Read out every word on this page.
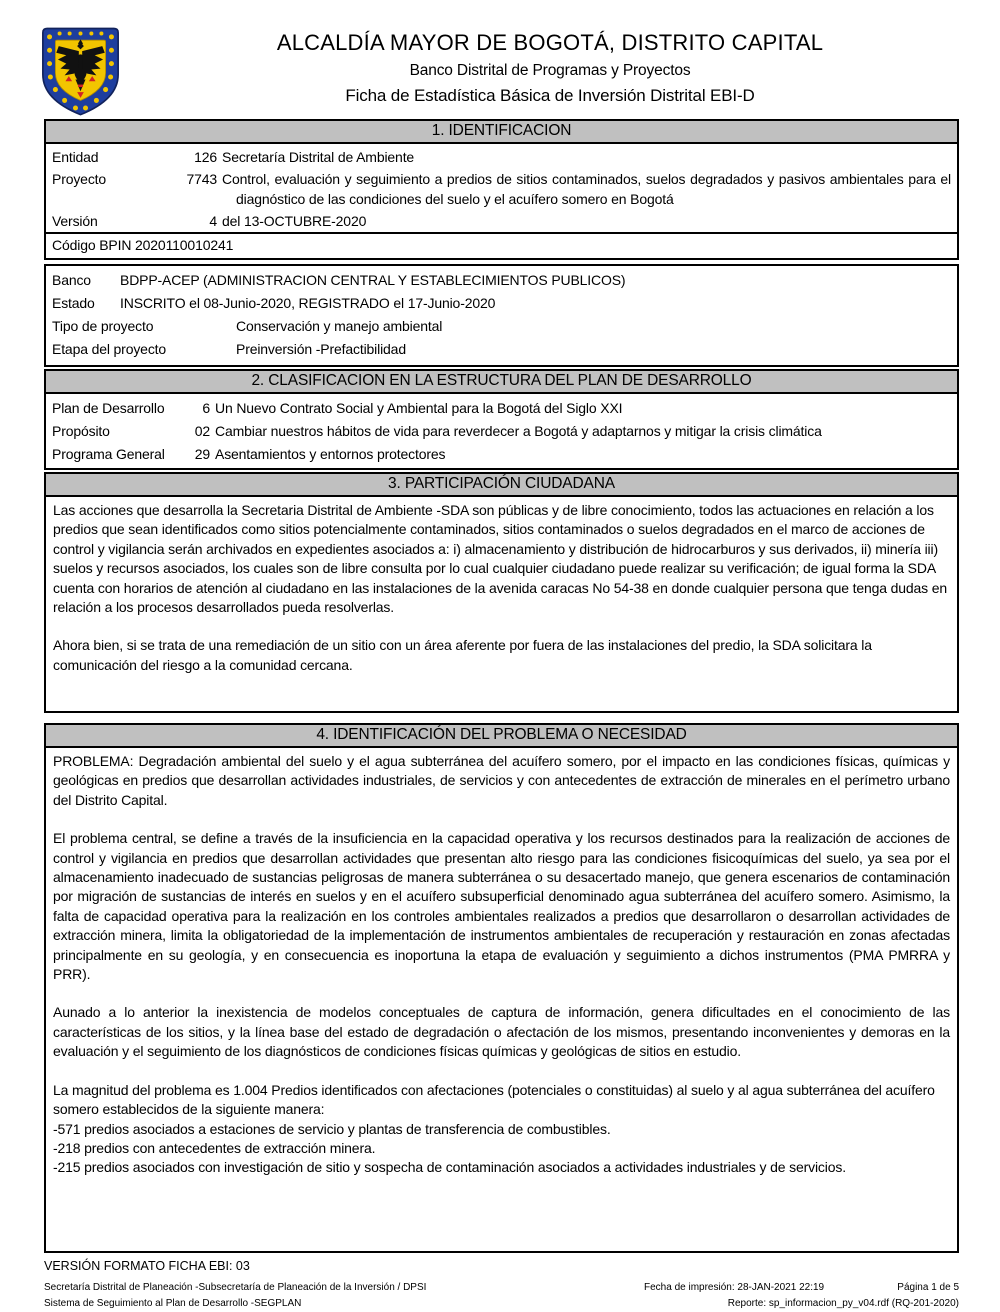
ALCALDÍA MAYOR DE BOGOTÁ, DISTRITO CAPITAL
Banco Distrital de Programas y Proyectos
Ficha de Estadística Básica de Inversión Distrital EBI-D
1. IDENTIFICACION
Entidad	126 Secretaría Distrital de Ambiente
Proyecto	7743 Control, evaluación y seguimiento a predios de sitios contaminados, suelos degradados y pasivos ambientales para el diagnóstico de las condiciones del suelo y el acuífero somero en Bogotá
Versión	4 del 13-OCTUBRE-2020
Código BPIN 2020110010241
Banco	BDPP-ACEP (ADMINISTRACION CENTRAL Y ESTABLECIMIENTOS PUBLICOS)
Estado	INSCRITO el 08-Junio-2020, REGISTRADO el 17-Junio-2020
Tipo de proyecto	Conservación y manejo ambiental
Etapa del proyecto	Preinversión -Prefactibilidad
2. CLASIFICACION EN LA ESTRUCTURA DEL PLAN DE DESARROLLO
Plan de Desarrollo	6 Un Nuevo Contrato Social y Ambiental para la Bogotá del Siglo XXI
Propósito	02 Cambiar nuestros hábitos de vida para reverdecer a Bogotá y adaptarnos y mitigar la crisis climática
Programa General	29 Asentamientos y entornos protectores
3. PARTICIPACIÓN CIUDADANA

Las acciones que desarrolla la Secretaria Distrital de Ambiente -SDA son públicas y de libre conocimiento, todos las actuaciones en relación a los predios que sean identificados como sitios potencialmente contaminados, sitios contaminados o suelos degradados en el marco de acciones de control y vigilancia serán archivados en expedientes asociados a: i) almacenamiento y distribución de hidrocarburos y sus derivados, ii) minería iii) suelos y recursos asociados, los cuales son de libre consulta por lo cual cualquier ciudadano puede realizar su verificación; de igual forma la SDA cuenta con horarios de atención al ciudadano en las instalaciones de la avenida caracas No 54-38 en donde cualquier persona que tenga dudas en relación a los procesos desarrollados pueda resolverlas.

Ahora bien, si se trata de una remediación de un sitio con un área aferente por fuera de las instalaciones del predio, la SDA solicitara la comunicación del riesgo a la comunidad cercana.

4. IDENTIFICACIÓN DEL PROBLEMA O NECESIDAD

PROBLEMA: Degradación ambiental del suelo y el agua subterránea del acuífero somero, por el impacto en las condiciones físicas, químicas y geológicas en predios que desarrollan actividades industriales, de servicios y con antecedentes de extracción de minerales en el perímetro urbano del Distrito Capital.

El problema central, se define a través de la insuficiencia en la capacidad operativa y los recursos destinados para la realización de acciones de control y vigilancia en predios que desarrollan actividades que presentan alto riesgo para las condiciones fisicoquímicas del suelo, ya sea por el almacenamiento inadecuado de sustancias peligrosas de manera subterránea o su desacertado manejo, que genera escenarios de contaminación por migración de sustancias de interés en suelos y en el acuífero subsuperficial denominado agua subterránea del acuífero somero. Asimismo, la falta de capacidad operativa para la realización en los controles ambientales realizados a predios que desarrollaron o desarrollan actividades de extracción minera, limita la obligatoriedad de la implementación de instrumentos ambientales de recuperación y restauración en zonas afectadas principalmente en su geología, y en consecuencia es inoportuna la etapa de evaluación y seguimiento a dichos instrumentos (PMA PMRRA y PRR).

Aunado a lo anterior la inexistencia de modelos conceptuales de captura de información, genera dificultades en el conocimiento de las características de los sitios, y la línea base del estado de degradación o afectación de los mismos, presentando inconvenientes y demoras en la evaluación y el seguimiento de los diagnósticos de condiciones físicas químicas y geológicas de sitios en estudio.

La magnitud del problema es 1.004 Predios identificados con afectaciones (potenciales o constituidas) al suelo y al agua subterránea del acuífero somero establecidos de la siguiente manera:

-571 predios asociados a estaciones de servicio y plantas de transferencia de combustibles.

-218 predios con antecedentes de extracción minera.

-215 predios asociados con investigación de sitio y sospecha de contaminación asociados a actividades industriales y de servicios.

VERSIÓN FORMATO FICHA EBI: 03
Secretaría Distrital de Planeación -Subsecretaría de Planeación de la Inversión / DPSI
Sistema de Seguimiento al Plan de Desarrollo -SEGPLAN
Fecha de impresión: 28-JAN-2021 22:19	Página 1 de 5
Reporte: sp_informacion_py_v04.rdf (RQ-201-2020)
